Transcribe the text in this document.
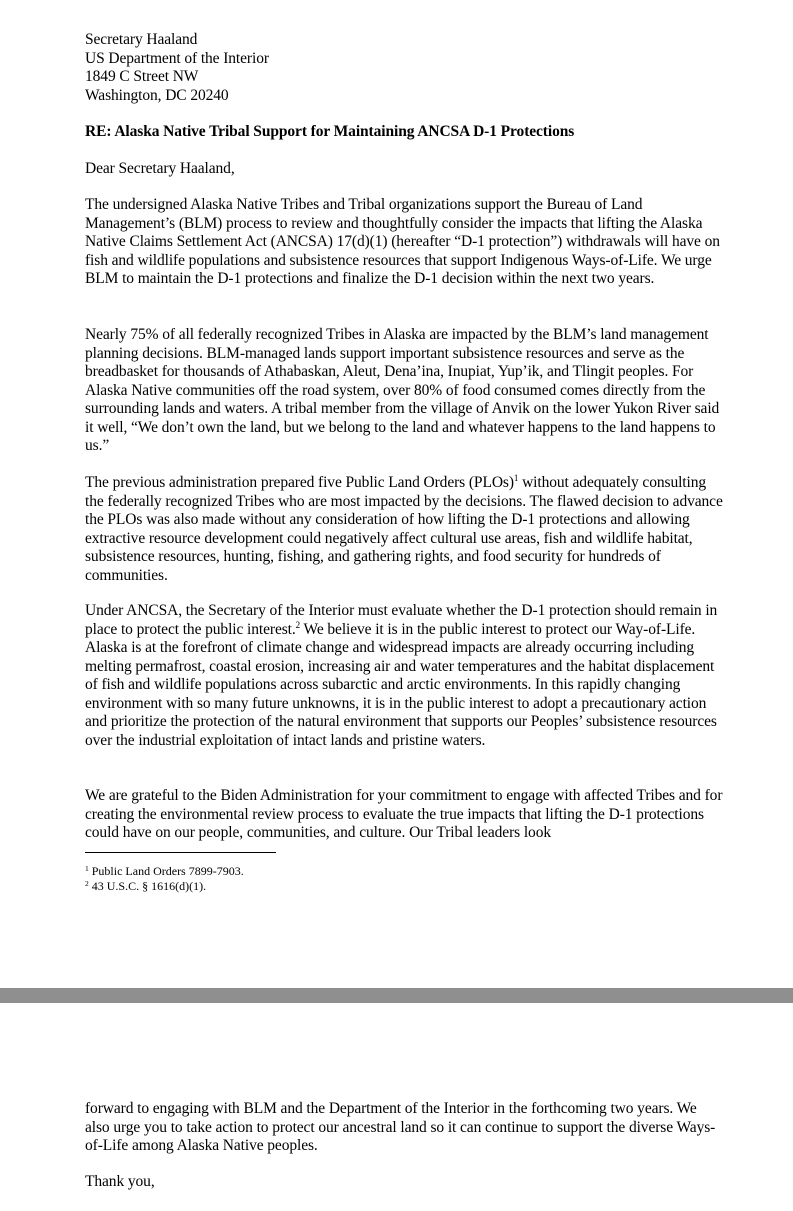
Secretary Haaland
US Department of the Interior
1849 C Street NW
Washington, DC 20240
RE: Alaska Native Tribal Support for Maintaining ANCSA D-1 Protections
Dear Secretary Haaland,

The undersigned Alaska Native Tribes and Tribal organizations support the Bureau of Land Management’s (BLM) process to review and thoughtfully consider the impacts that lifting the Alaska Native Claims Settlement Act (ANCSA) 17(d)(1) (hereafter “D-1 protection”) withdrawals will have on fish and wildlife populations and subsistence resources that support Indigenous Ways-of-Life. We urge BLM to maintain the D-1 protections and finalize the D-1 decision within the next two years.

Nearly 75% of all federally recognized Tribes in Alaska are impacted by the BLM’s land management planning decisions. BLM-managed lands support important subsistence resources and serve as the breadbasket for thousands of Athabaskan, Aleut, Dena’ina, Inupiat, Yup’ik, and Tlingit peoples. For Alaska Native communities off the road system, over 80% of food consumed comes directly from the surrounding lands and waters. A tribal member from the village of Anvik on the lower Yukon River said it well, “We don’t own the land, but we belong to the land and whatever happens to the land happens to us.”

The previous administration prepared five Public Land Orders (PLOs)$^1$ without adequately consulting the federally recognized Tribes who are most impacted by the decisions. The flawed decision to advance the PLOs was also made without any consideration of how lifting the D-1 protections and allowing extractive resource development could negatively affect cultural use areas, fish and wildlife habitat, subsistence resources, hunting, fishing, and gathering rights, and food security for hundreds of communities.

Under ANCSA, the Secretary of the Interior must evaluate whether the D-1 protection should remain in place to protect the public interest.$^2$ We believe it is in the public interest to protect our Way-of-Life. Alaska is at the forefront of climate change and widespread impacts are already occurring including melting permafrost, coastal erosion, increasing air and water temperatures and the habitat displacement of fish and wildlife populations across subarctic and arctic environments. In this rapidly changing environment with so many future unknowns, it is in the public interest to adopt a precautionary action and prioritize the protection of the natural environment that supports our Peoples’ subsistence resources over the industrial exploitation of intact lands and pristine waters.

We are grateful to the Biden Administration for your commitment to engage with affected Tribes and for creating the environmental review process to evaluate the true impacts that lifting the D-1 protections could have on our people, communities, and culture. Our Tribal leaders look

$^1$ Public Land Orders 7899-7903.
$^2$ 43 U.S.C. § 1616(d)(1).

forward to engaging with BLM and the Department of the Interior in the forthcoming two years. We also urge you to take action to protect our ancestral land so it can continue to support the diverse Ways-of-Life among Alaska Native peoples.

Thank you,
